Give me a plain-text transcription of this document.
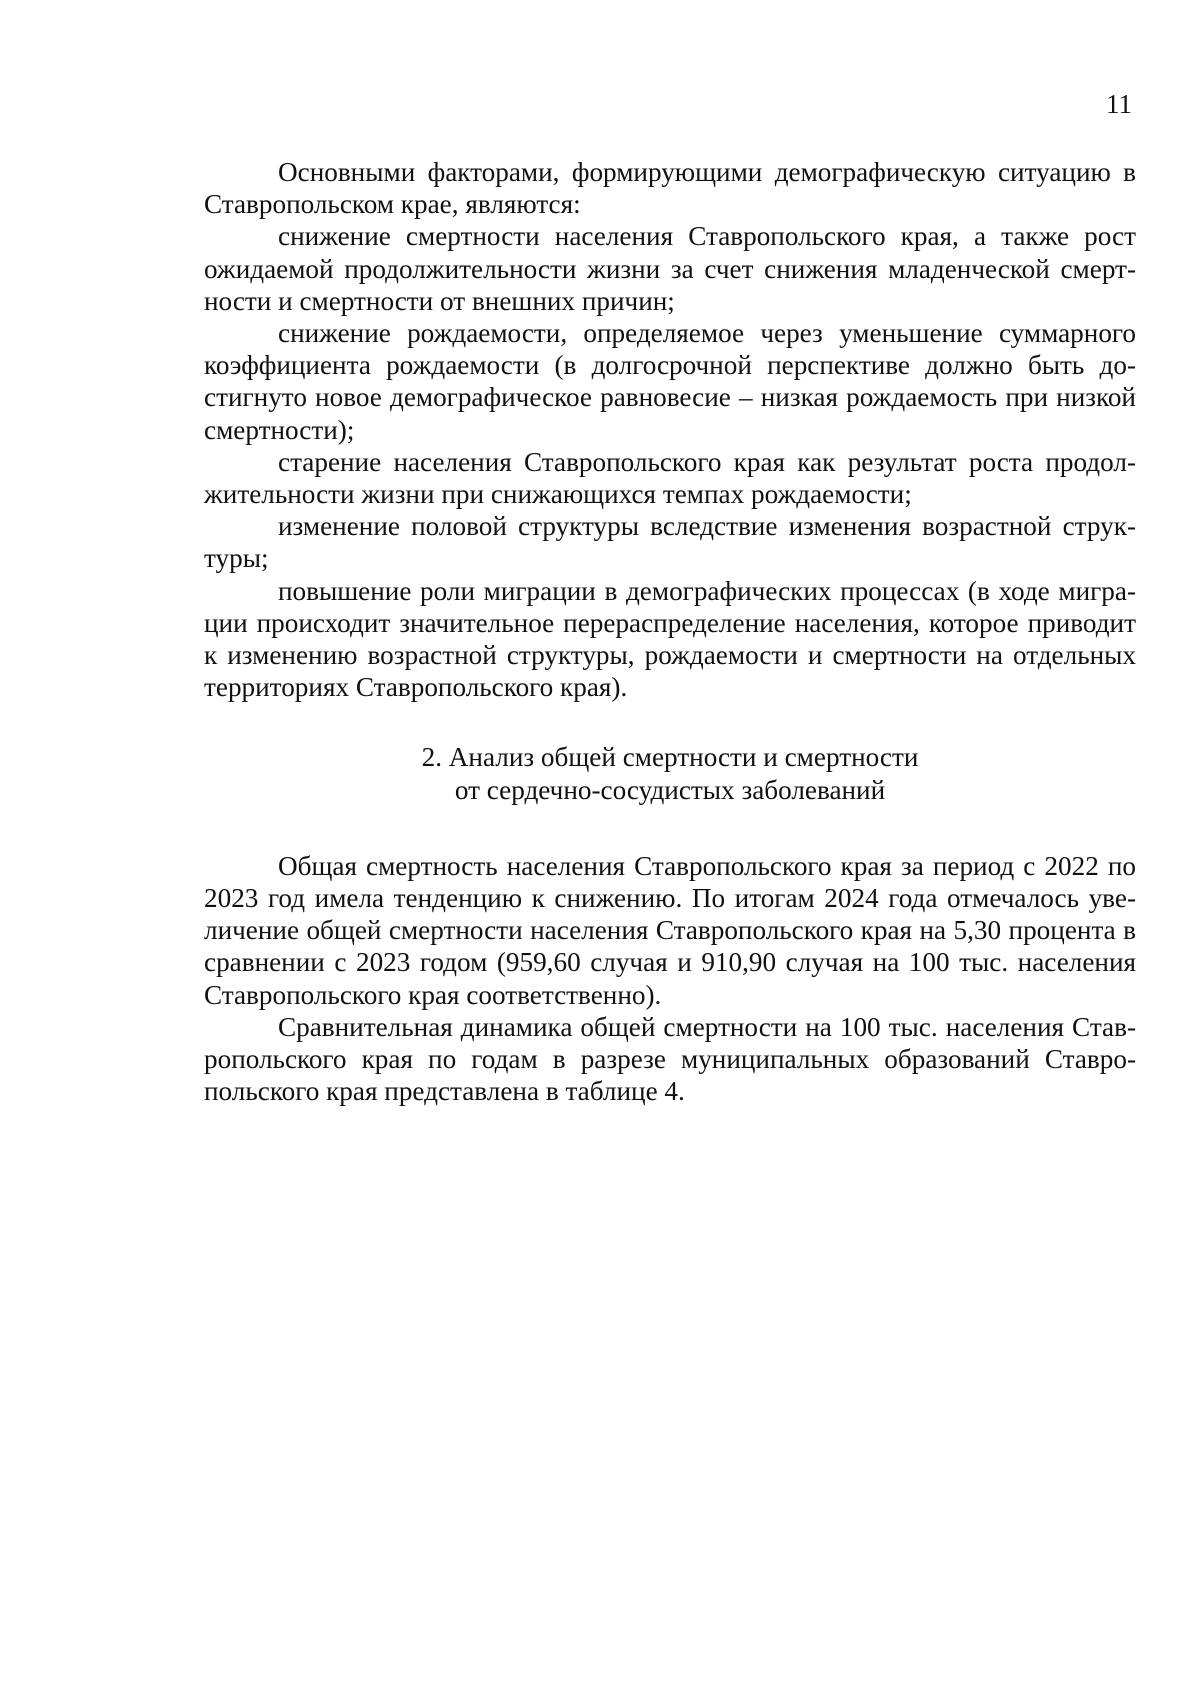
11

Основными факторами, формирующими демографическую ситуацию в Ставропольском крае, являются:

снижение смертности населения Ставропольского края, а также рост ожидаемой продолжительности жизни за счет снижения младенческой смертности и смертности от внешних причин;

снижение рождаемости, определяемое через уменьшение суммарного коэффициента рождаемости (в долгосрочной перспективе должно быть достигнуто новое демографическое равновесие – низкая рождаемость при низкой смертности);

старение населения Ставропольского края как результат роста продолжительности жизни при снижающихся темпах рождаемости;

изменение половой структуры вследствие изменения возрастной структуры;

повышение роли миграции в демографических процессах (в ходе миграции происходит значительное перераспределение населения, которое приводит к изменению возрастной структуры, рождаемости и смертности на отдельных территориях Ставропольского края).

2. Анализ общей смертности и смертности
от сердечно-сосудистых заболеваний

Общая смертность населения Ставропольского края за период с 2022 по 2023 год имела тенденцию к снижению. По итогам 2024 года отмечалось увеличение общей смертности населения Ставропольского края на 5,30 процента в сравнении с 2023 годом (959,60 случая и 910,90 случая на 100 тыс. населения Ставропольского края соответственно).

Сравнительная динамика общей смертности на 100 тыс. населения Ставропольского края по годам в разрезе муниципальных образований Ставропольского края представлена в таблице 4.
